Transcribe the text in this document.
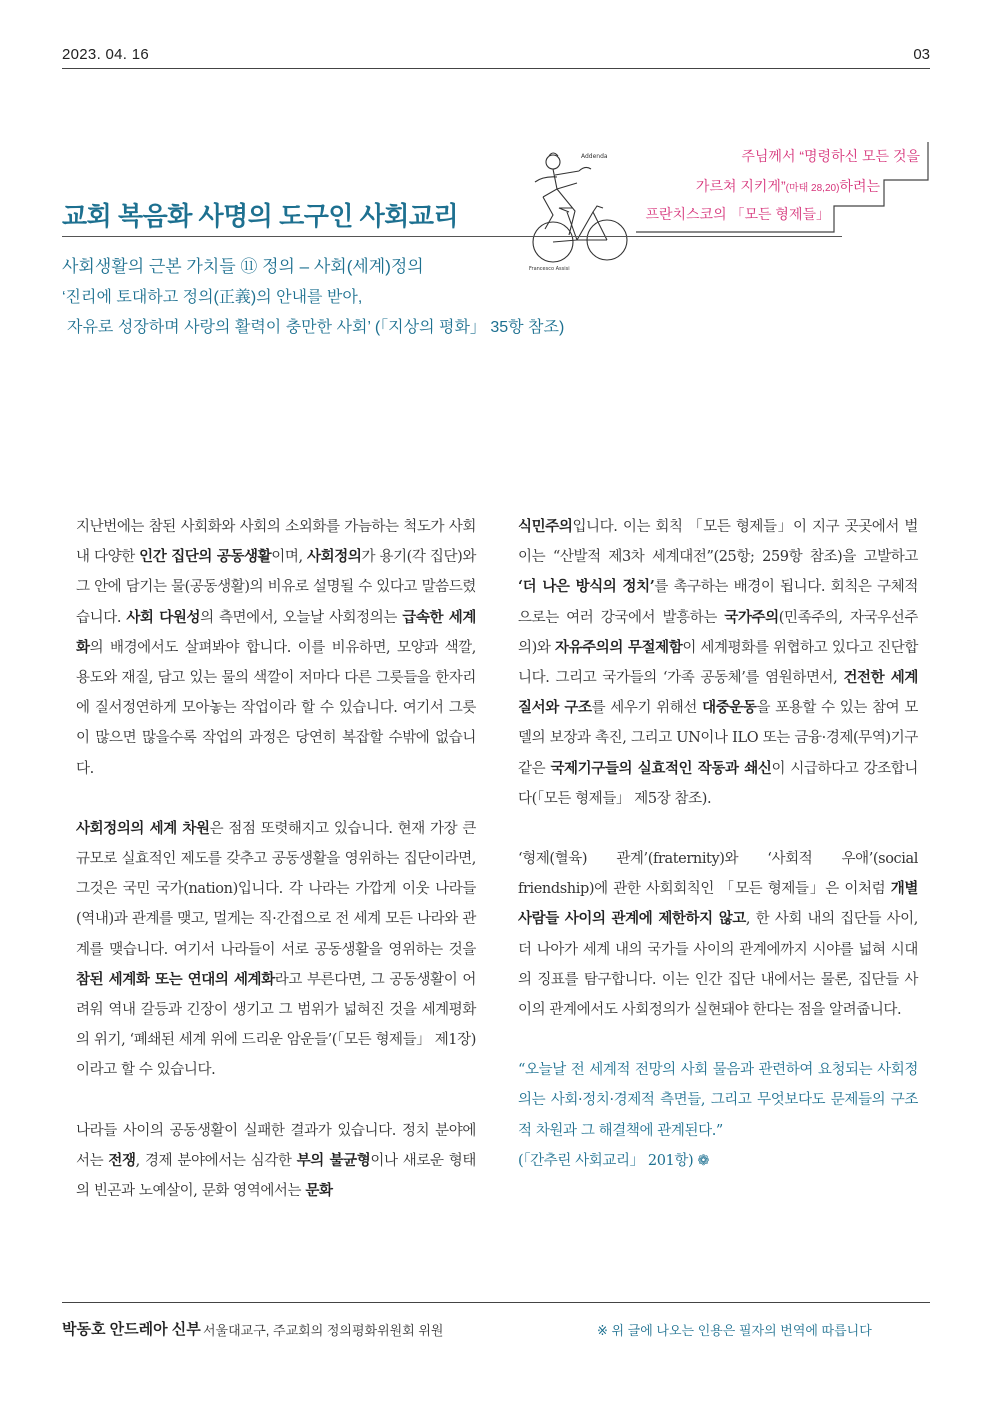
2023. 04. 16	03
Addenda
Francesco Assisi
주님께서 “명령하신 모든 것을
가르쳐 지키게”(마태 28,20)하려는
프란치스코의 「모든 형제들」
교회 복음화 사명의 도구인 사회교리
사회생활의 근본 가치들 ⑪ 정의 – 사회(세계)정의
‘진리에 토대하고 정의(正義)의 안내를 받아,
자유로 성장하며 사랑의 활력이 충만한 사회’ (「지상의 평화」 35항 참조)

지난번에는 참된 사회화와 사회의 소외화를 가늠하는 척도가 사회 내 다양한 인간 집단의 공동생활이며, 사회정의가 용기(각 집단)와 그 안에 담기는 물(공동생활)의 비유로 설명될 수 있다고 말씀드렸습니다. 사회 다원성의 측면에서, 오늘날 사회정의는 급속한 세계화의 배경에서도 살펴봐야 합니다. 이를 비유하면, 모양과 색깔, 용도와 재질, 담고 있는 물의 색깔이 저마다 다른 그릇들을 한자리에 질서정연하게 모아놓는 작업이라 할 수 있습니다. 여기서 그릇이 많으면 많을수록 작업의 과정은 당연히 복잡할 수밖에 없습니다.

사회정의의 세계 차원은 점점 또렷해지고 있습니다. 현재 가장 큰 규모로 실효적인 제도를 갖추고 공동생활을 영위하는 집단이라면, 그것은 국민 국가(nation)입니다. 각 나라는 가깝게 이웃 나라들(역내)과 관계를 맺고, 멀게는 직·간접으로 전 세계 모든 나라와 관계를 맺습니다. 여기서 나라들이 서로 공동생활을 영위하는 것을 참된 세계화 또는 연대의 세계화라고 부른다면, 그 공동생활이 어려워 역내 갈등과 긴장이 생기고 그 범위가 넓혀진 것을 세계평화의 위기, ‘폐쇄된 세계 위에 드리운 암운들’(「모든 형제들」 제1장)이라고 할 수 있습니다.

나라들 사이의 공동생활이 실패한 결과가 있습니다. 정치 분야에서는 전쟁, 경제 분야에서는 심각한 부의 불균형이나 새로운 형태의 빈곤과 노예살이, 문화 영역에서는 문화

식민주의입니다. 이는 회칙 「모든 형제들」이 지구 곳곳에서 벌이는 “산발적 제3차 세계대전”(25항; 259항 참조)을 고발하고 ‘더 나은 방식의 정치’를 촉구하는 배경이 됩니다. 회칙은 구체적으로는 여러 강국에서 발흥하는 국가주의(민족주의, 자국우선주의)와 자유주의의 무절제함이 세계평화를 위협하고 있다고 진단합니다. 그리고 국가들의 ‘가족 공동체’를 염원하면서, 건전한 세계 질서와 구조를 세우기 위해선 대중운동을 포용할 수 있는 참여 모델의 보장과 촉진, 그리고 UN이나 ILO 또는 금융·경제(무역)기구 같은 국제기구들의 실효적인 작동과 쇄신이 시급하다고 강조합니다(「모든 형제들」 제5장 참조).

‘형제(혈육) 관계’(fraternity)와 ‘사회적 우애’(social friendship)에 관한 사회회칙인 「모든 형제들」은 이처럼 개별 사람들 사이의 관계에 제한하지 않고, 한 사회 내의 집단들 사이, 더 나아가 세계 내의 국가들 사이의 관계에까지 시야를 넓혀 시대의 징표를 탐구합니다. 이는 인간 집단 내에서는 물론, 집단들 사이의 관계에서도 사회정의가 실현돼야 한다는 점을 알려줍니다.

“오늘날 전 세계적 전망의 사회 물음과 관련하여 요청되는 사회정의는 사회·정치·경제적 측면들, 그리고 무엇보다도 문제들의 구조적 차원과 그 해결책에 관계된다.”
(「간추린 사회교리」 201항) ❁

박동호 안드레아 신부 서울대교구, 주교회의 정의평화위원회 위원	※ 위 글에 나오는 인용은 필자의 번역에 따릅니다
